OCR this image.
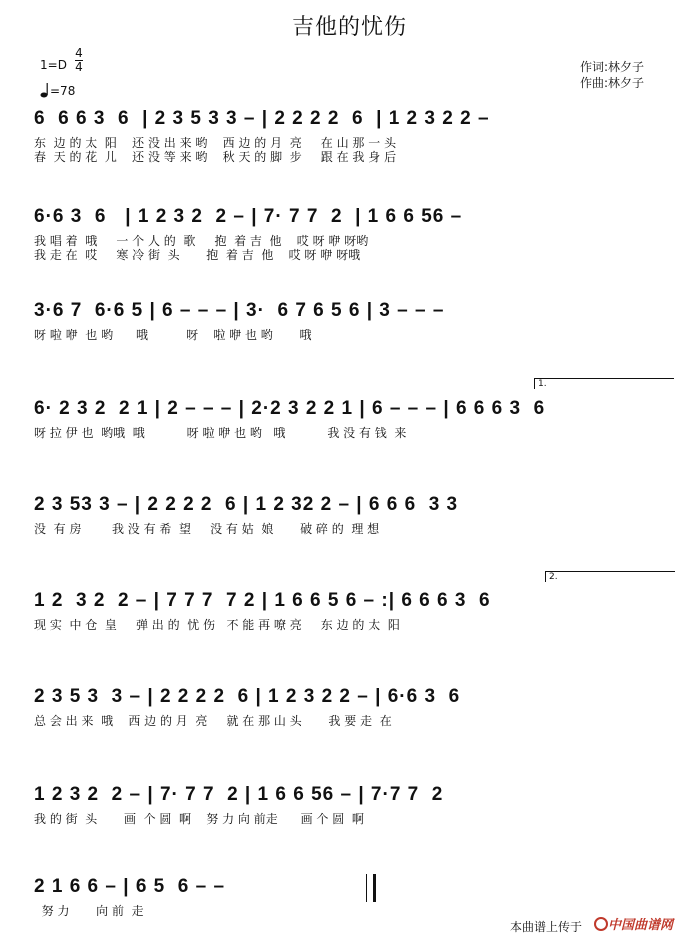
吉他的忧伤
1=D
4
4
=78
作词:林夕子
作曲:林夕子
6  6 6 3  6  | 2 3 5 3 3 – | 2 2 2 2  6  | 1 2 3 2 2 –
东  边 的 太  阳    还 没 出 来 哟    西 边 的 月  亮     在 山 那 一 头
春  天 的 花  儿    还 没 等 来 哟    秋 天 的 脚  步     跟 在 我 身 后
6·6 3  6   | 1 2 3 2  2 – | 7· 7 7  2  | 1 6 6 56 –
我 唱 着  哦     一 个 人 的  歌     抱  着 吉  他    哎 呀 咿 呀哟
我 走 在  哎     寒 冷 街  头       抱  着 吉  他    哎 呀 咿 呀哦
3·6 7  6·6 5 | 6 – – – | 3·  6 7 6 5 6 | 3 – – –
呀 啦 咿  也 哟      哦          呀    啦 咿 也 哟       哦
6· 2 3 2  2 1 | 2 – – – | 2·2 3 2 2 1 | 6 – – – | 6 6 6 3  6
呀 拉 伊 也  哟哦  哦           呀 啦 咿 也 哟   哦           我 没 有 钱  来
2 3 53 3 – | 2 2 2 2  6 | 1 2 32 2 – | 6 6 6  3 3
没  有 房        我 没 有 希  望     没 有 姑  娘       破 碎 的  理 想
1 2  3 2  2 – | 7 7 7  7 2 | 1 6 6 5 6 – :| 6 6 6 3  6
现 实  中 仓  皇     弹 出 的  忧 伤   不 能 再 嘹 亮     东 边 的 太  阳
2 3 5 3  3 – | 2 2 2 2  6 | 1 2 3 2 2 – | 6·6 3  6
总 会 出 来  哦    西 边 的 月  亮     就 在 那 山 头       我 要 走  在
1 2 3 2  2 – | 7· 7 7  2 | 1 6 6 56 – | 7·7 7  2
我 的 街  头       画  个 圆  啊    努 力 向 前走      画 个 圆  啊
2 1 6 6 – | 6 5  6 – –
努 力       向 前  走
本曲谱上传于	中国曲谱网
1.
2.
